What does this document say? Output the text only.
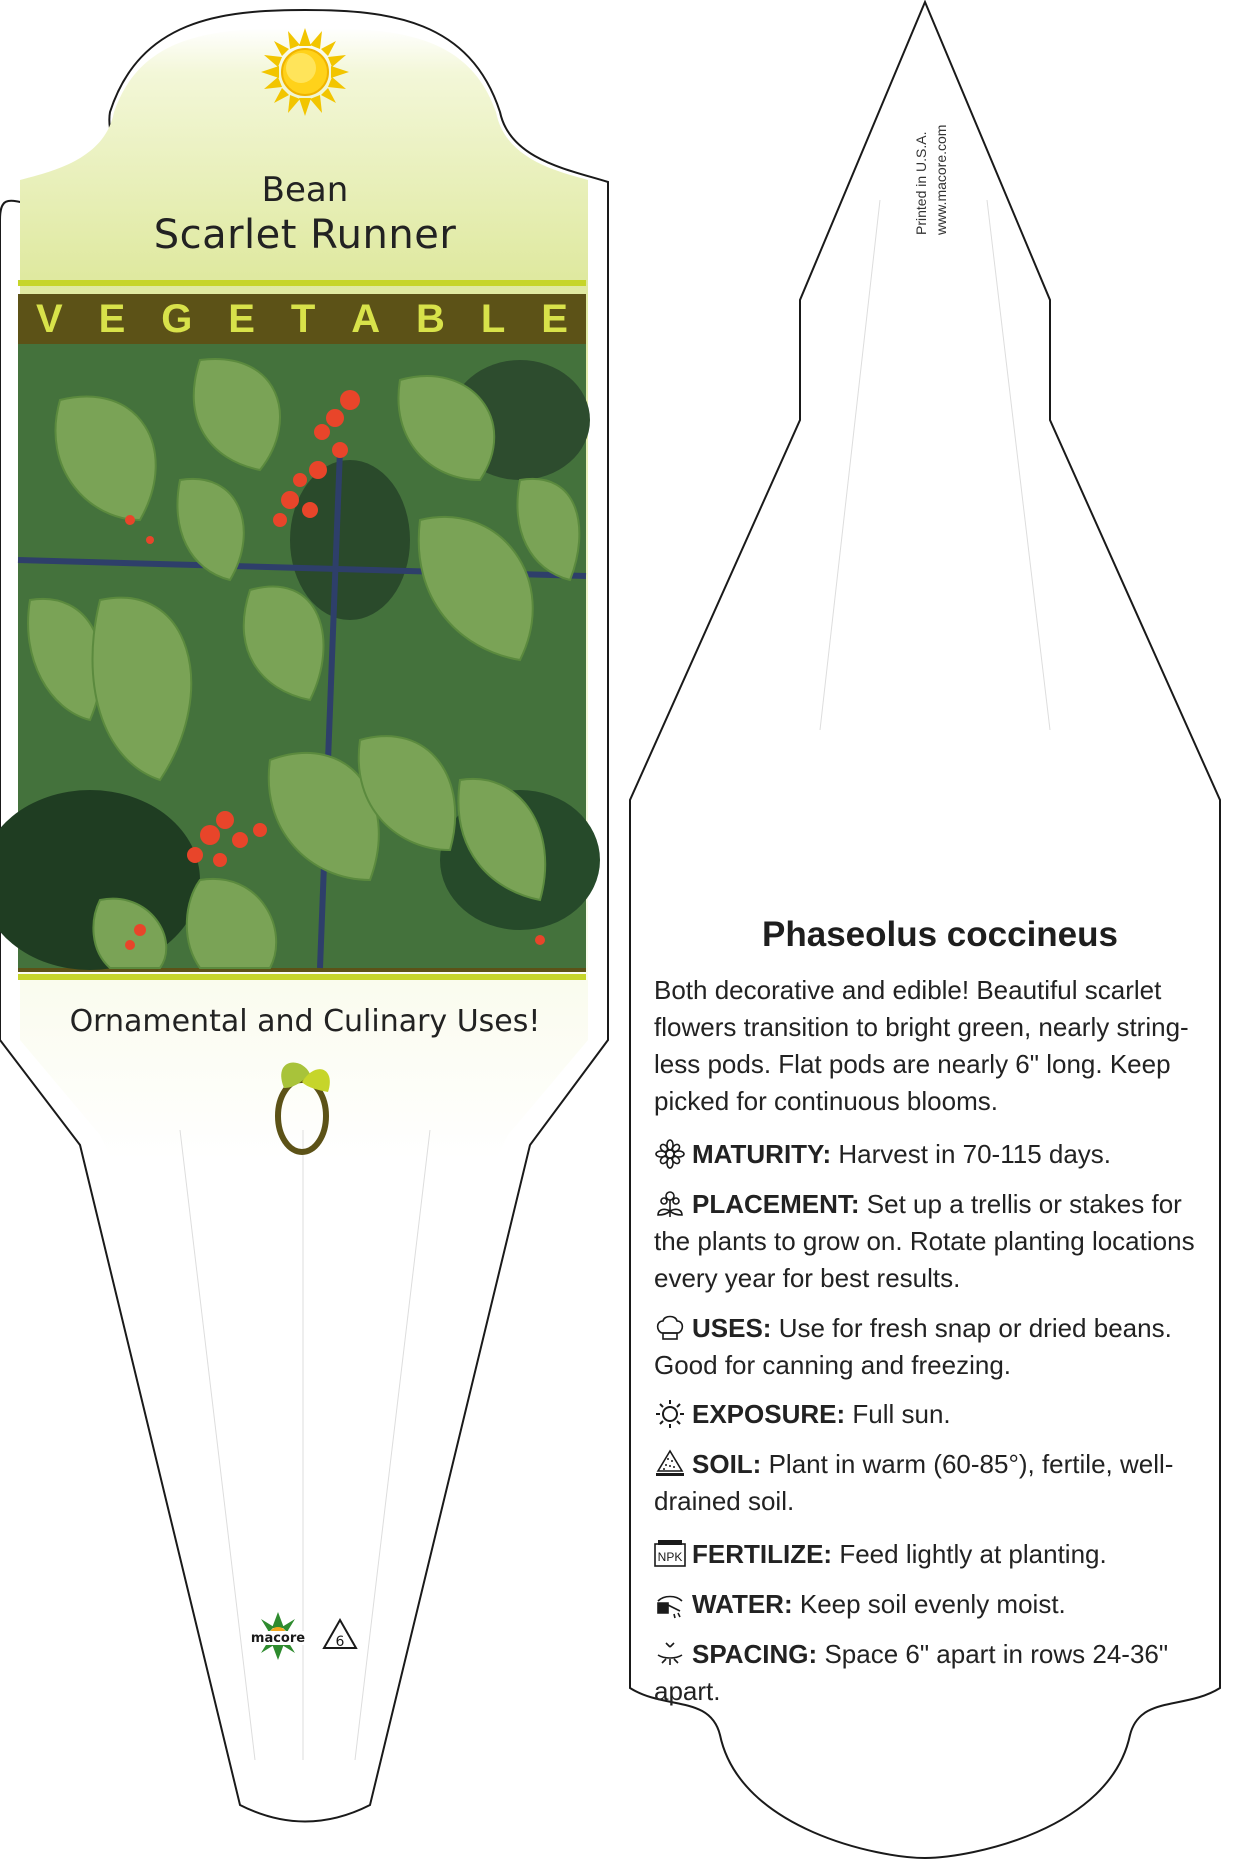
macore 6
Bean
Scarlet Runner
V E G E T A B L E
Ornamental and Culinary Uses!
Printed in U.S.A. www.macore.com
Phaseolus coccineus
Both decorative and edible! Beautiful scarlet flowers transition to bright green, nearly string-less pods. Flat pods are nearly 6" long. Keep picked for continuous blooms.
MATURITY: Harvest in 70-115 days.
PLACEMENT: Set up a trellis or stakes for the plants to grow on. Rotate planting locations every year for best results.
USES: Use for fresh snap or dried beans. Good for canning and freezing.
EXPOSURE: Full sun.
SOIL: Plant in warm (60-85°), fertile, well-drained soil.
NPK FERTILIZE: Feed lightly at planting.
WATER: Keep soil evenly moist.
SPACING: Space 6" apart in rows 24-36" apart.
